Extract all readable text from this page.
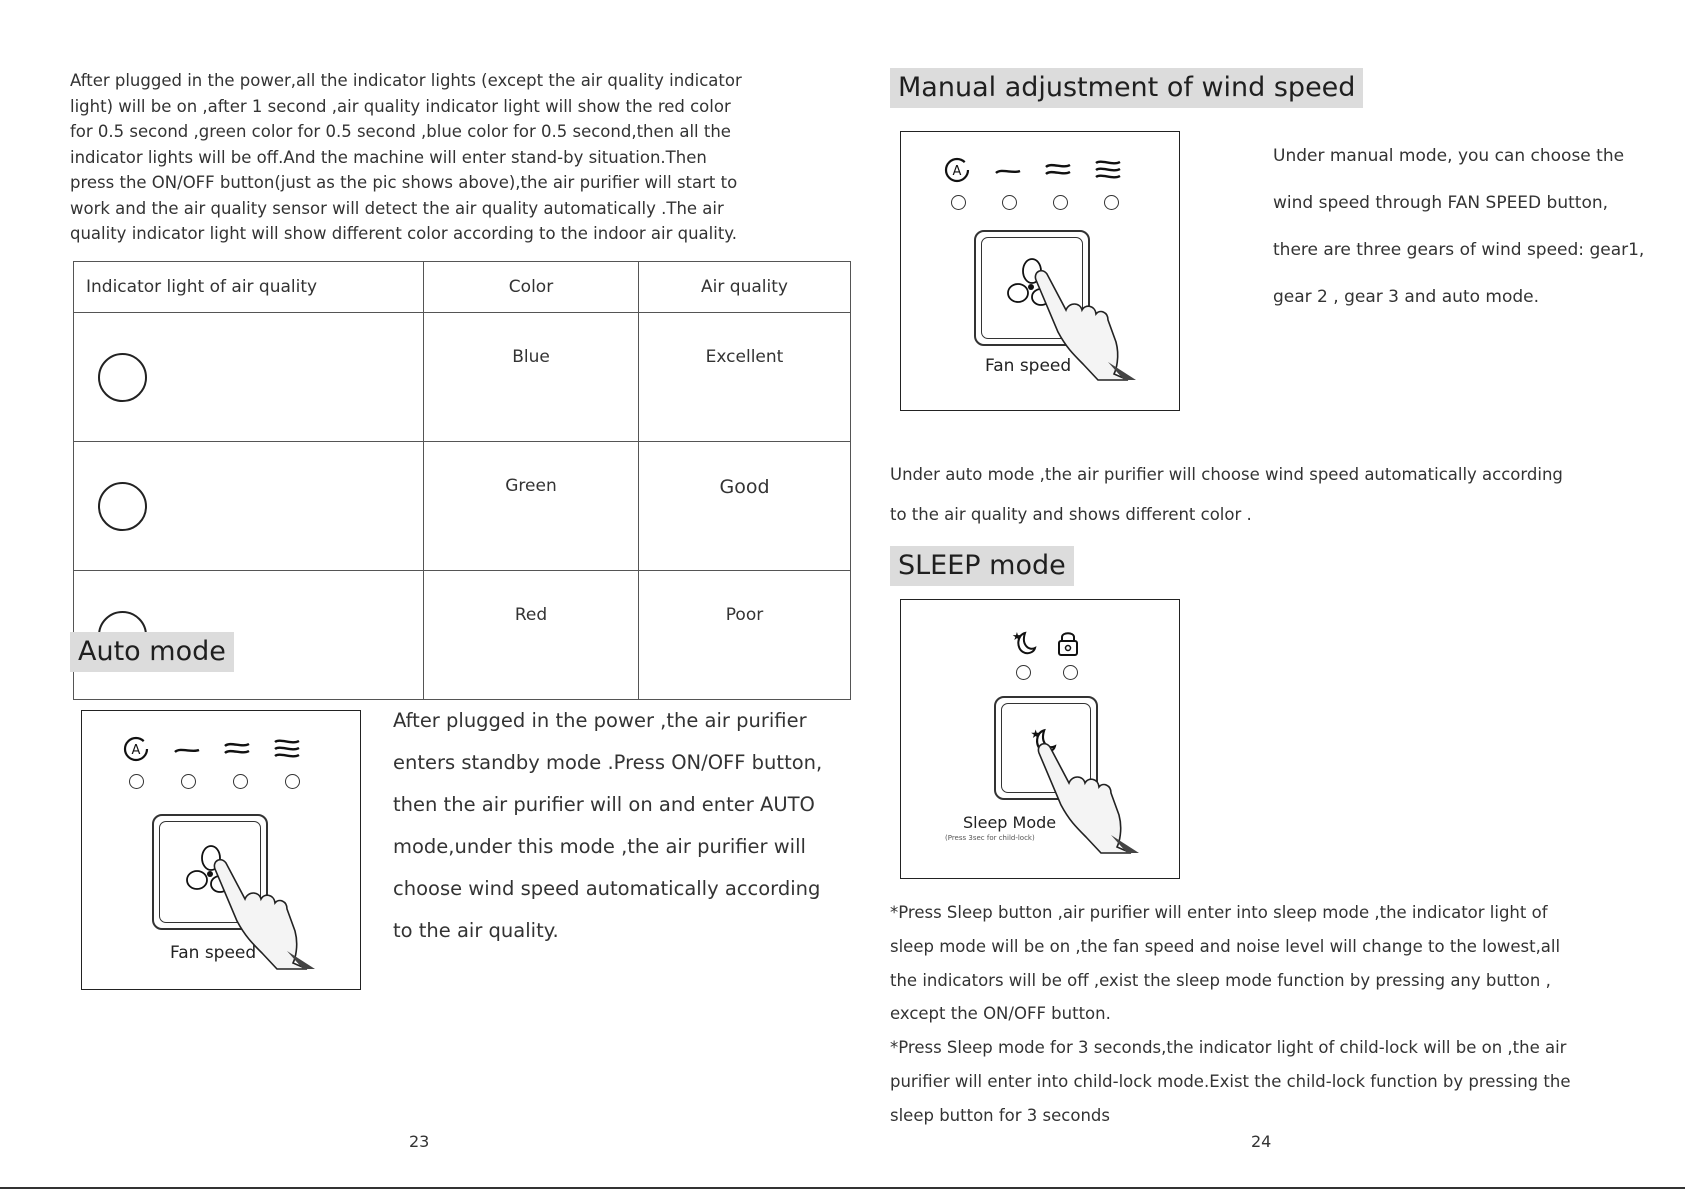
After plugged in the power,all the indicator lights (except the air quality indicator
light) will be on ,after 1 second ,air quality indicator light will show the red color
for 0.5 second ,green color for 0.5 second ,blue color for 0.5 second,then all the
indicator lights will be off.And the machine will enter stand-by situation.Then
press the ON/OFF button(just as the pic shows above),the air purifier will start to
work and the air quality sensor will detect the air quality automatically .The air
quality indicator light will show different color according to the indoor air quality.
Indicator light of air quality	Color	Air quality

	Blue	Excellent

	Green	Good

	Red	Poor
Auto mode
A
Fan speed
After plugged in the power ,the air purifier
enters standby mode .Press ON/OFF button,
then the air purifier will on and enter AUTO
mode,under this mode ,the air purifier will
choose wind speed automatically according
to the air quality.
23
Manual adjustment of wind speed
A
Fan speed
Under manual mode, you can choose the
wind speed through FAN SPEED button,
there are three gears of wind speed: gear1,
gear 2 , gear 3 and auto mode.
Under auto mode ,the air purifier will choose wind speed automatically according
to the air quality and shows different color .
SLEEP mode
★
★
Sleep Mode
(Press 3sec for child-lock)
*Press Sleep button ,air purifier will enter into sleep mode ,the indicator light of
sleep mode will be on ,the fan speed and noise level will change to the lowest,all
the indicators will be off ,exist the sleep mode function by pressing any button ,
except the ON/OFF button.
*Press Sleep mode for 3 seconds,the indicator light of child-lock will be on ,the air
purifier will enter into child-lock mode.Exist the child-lock function by pressing the
sleep button for 3 seconds
24
